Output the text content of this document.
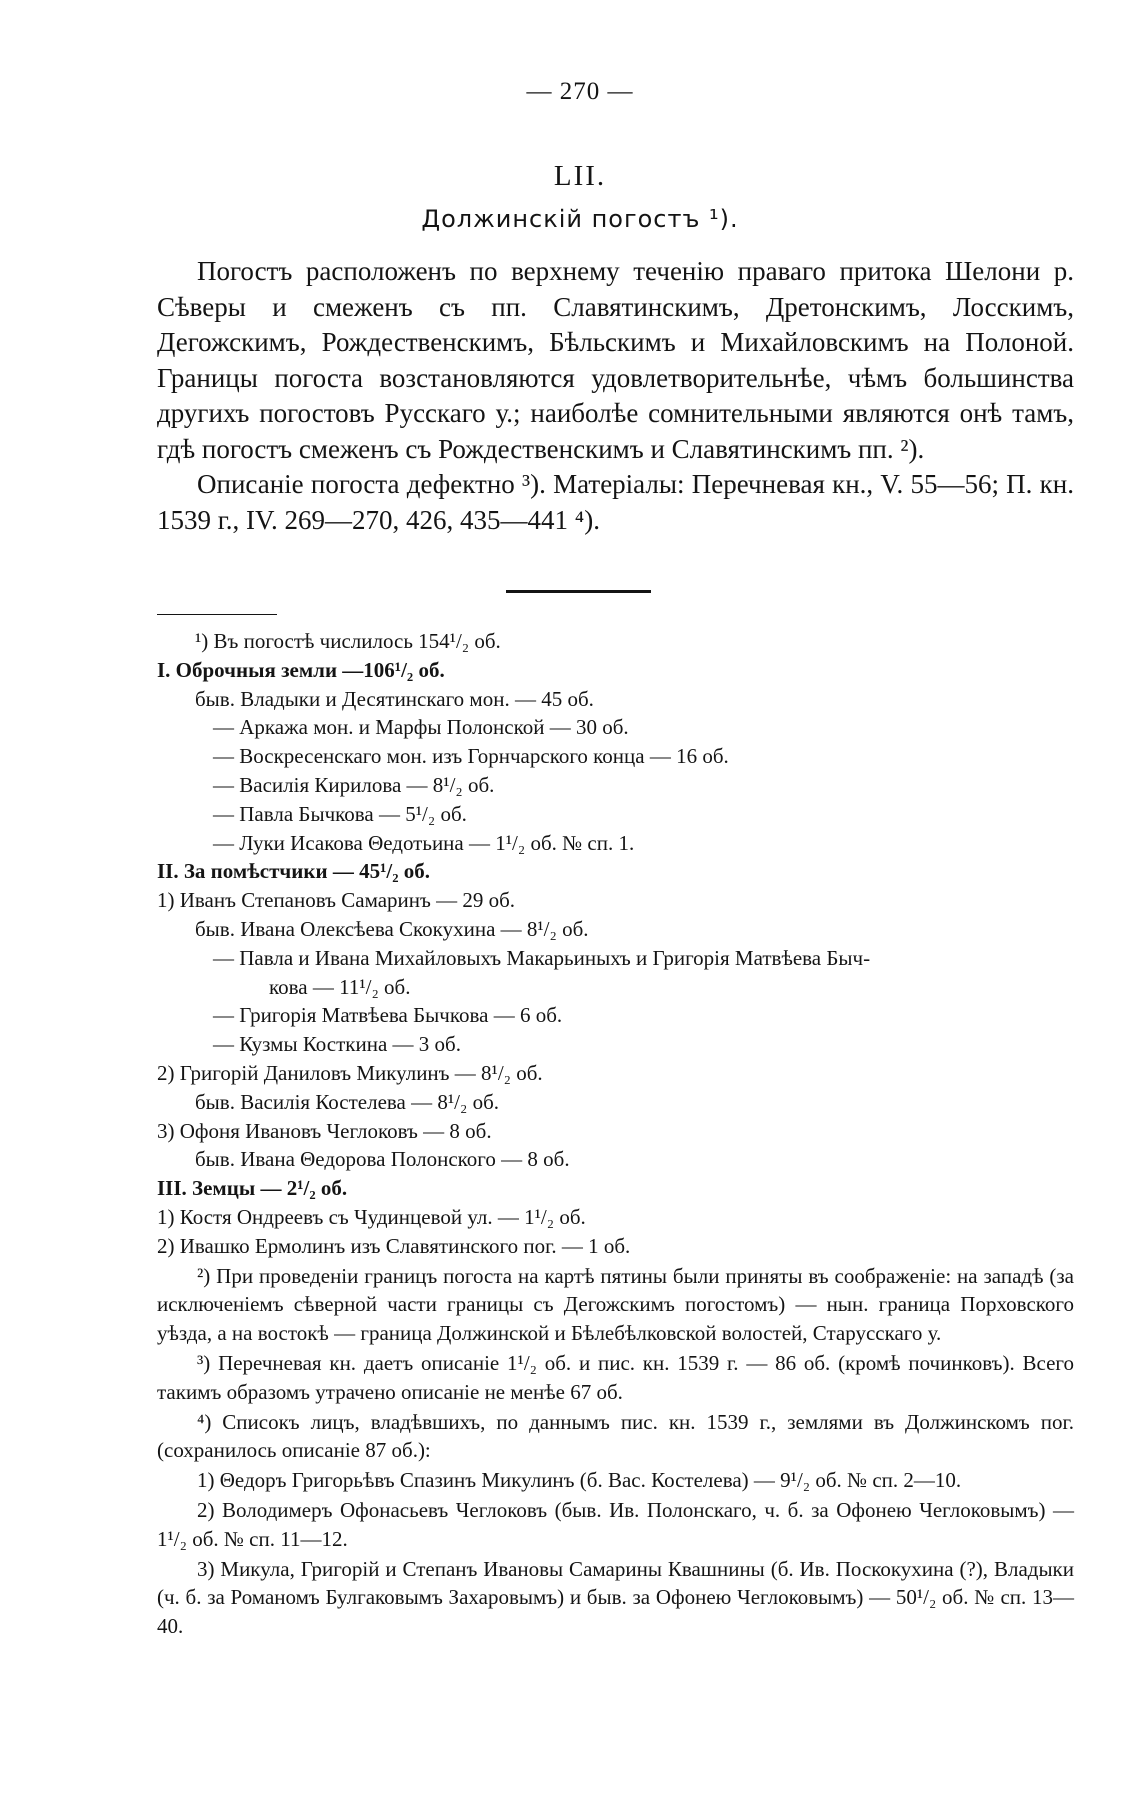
— 270 —
LII.
Должинскій погостъ ¹).

Погостъ расположенъ по верхнему теченію праваго притока Шелони р. Сѣверы и смеженъ съ пп. Славятинскимъ, Дретонскимъ, Лосскимъ, Дегожскимъ, Рождественскимъ, Бѣльскимъ и Михайловскимъ на Полоной. Границы погоста возстановляются удовлетворительнѣе, чѣмъ большинства другихъ погостовъ Русскаго у.; наиболѣе сомнительными являются онѣ тамъ, гдѣ погостъ смеженъ съ Рождественскимъ и Славятинскимъ пп. ²).

Описаніе погоста дефектно ³). Матеріалы: Перечневая кн., V. 55—56; П. кн. 1539 г., IV. 269—270, 426, 435—441 ⁴).

¹) Въ погостѣ числилось 154¹/₂ об.
I. Оброчныя земли —106¹/₂ об.
быв. Владыки и Десятинскаго мон. — 45 об.
— Аркажа мон. и Марфы Полонской — 30 об.
— Воскресенскаго мон. изъ Горнчарского конца — 16 об.
— Василія Кирилова — 8¹/₂ об.
— Павла Бычкова — 5¹/₂ об.
— Луки Исакова Θедотьина — 1¹/₂ об. № сп. 1.
II. За помѣстчики — 45¹/₂ об.
1) Иванъ Степановъ Самаринъ — 29 об.
быв. Ивана Олексѣева Скокухина — 8¹/₂ об.
— Павла и Ивана Михайловыхъ Макарьиныхъ и Григорія Матвѣева Быч-
кова — 11¹/₂ об.
— Григорія Матвѣева Бычкова — 6 об.
— Кузмы Косткина — 3 об.
2) Григорій Даниловъ Микулинъ — 8¹/₂ об.
быв. Василія Костелева — 8¹/₂ об.
3) Офоня Ивановъ Чеглоковъ — 8 об.
быв. Ивана Θедорова Полонского — 8 об.
III. Земцы — 2¹/₂ об.
1) Костя Ондреевъ съ Чудинцевой ул. — 1¹/₂ об.
2) Ивашко Ермолинъ изъ Славятинского пог. — 1 об.
²) При проведеніи границъ погоста на картѣ пятины были приняты въ соображеніе: на западѣ (за исключеніемъ сѣверной части границы съ Дегожскимъ погостомъ) — нын. граница Порховского уѣзда, а на востокѣ — граница Должинской и Бѣлебѣлковской волостей, Старусскаго у.
³) Перечневая кн. даетъ описаніе 1¹/₂ об. и пис. кн. 1539 г. — 86 об. (кромѣ починковъ). Всего такимъ образомъ утрачено описаніе не менѣе 67 об.
⁴) Списокъ лицъ, владѣвшихъ, по даннымъ пис. кн. 1539 г., землями въ Должинскомъ пог. (сохранилось описаніе 87 об.):
1) Θедоръ Григорьѣвъ Спазинъ Микулинъ (б. Вас. Костелева) — 9¹/₂ об. № сп. 2—10.
2) Володимеръ Офонасьевъ Чеглоковъ (быв. Ив. Полонскаго, ч. б. за Офонею Чеглоковымъ) — 1¹/₂ об. № сп. 11—12.
3) Микула, Григорій и Степанъ Ивановы Самарины Квашнины (б. Ив. Поскокухина (?), Владыки (ч. б. за Романомъ Булгаковымъ Захаровымъ) и быв. за Офонею Чеглоковымъ) — 50¹/₂ об. № сп. 13—40.
